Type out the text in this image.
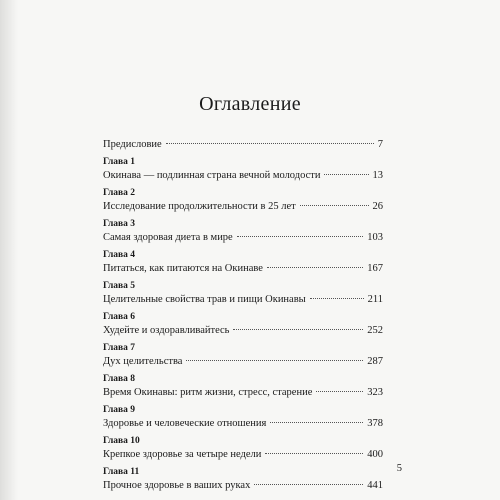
Оглавление
Предисловие	7
Глава 1
Окинава — подлинная страна вечной молодости	13
Глава 2
Исследование продолжительности в 25 лет	26
Глава 3
Самая здоровая диета в мире	103
Глава 4
Питаться, как питаются на Окинаве	167
Глава 5
Целительные свойства трав и пищи Окинавы	211
Глава 6
Худейте и оздоравливайтесь	252
Глава 7
Дух целительства	287
Глава 8
Время Окинавы: ритм жизни, стресс, старение	323
Глава 9
Здоровье и человеческие отношения	378
Глава 10
Крепкое здоровье за четыре недели	400
Глава 11
Прочное здоровье в ваших руках	441
5
